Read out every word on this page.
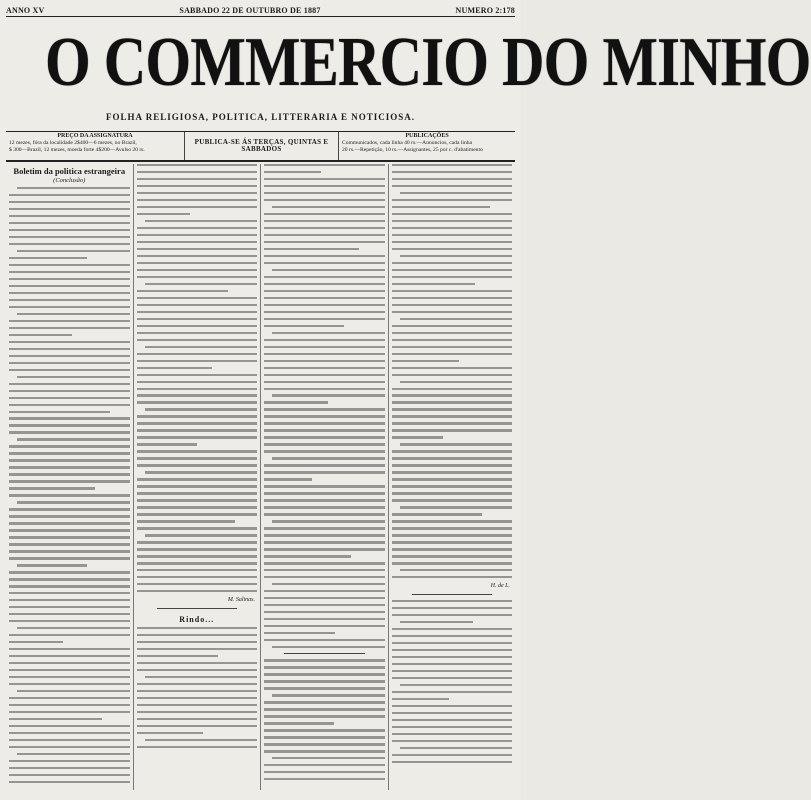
ANNO XV	SABBADO 22 DE OUTUBRO DE 1887	NUMERO 2:178
O COMMERCIO DO MINHO
FOLHA RELIGIOSA, POLITICA, LITTERARIA E NOTICIOSA.
PREÇO DA ASSIGNATURA
12 mezes, fóra da localidade 2$400—6 mezes, no Brazil,
$ 300—Brazil, 12 mezes, moeda forte 4$200—Avulso 20 rs.
PUBLICA-SE ÁS TERÇAS, QUINTAS E SABBADOS
PUBLICAÇÕES
Communicados, cada linha 40 rs.—Annuncios, cada linha
20 rs.—Repetição, 10 rs.—Assignantes, 25 por c. d'abatimento
Boletim da politica estrangeira
(Conclusão)
M. Salinas.
Rindo...
H. de L.
